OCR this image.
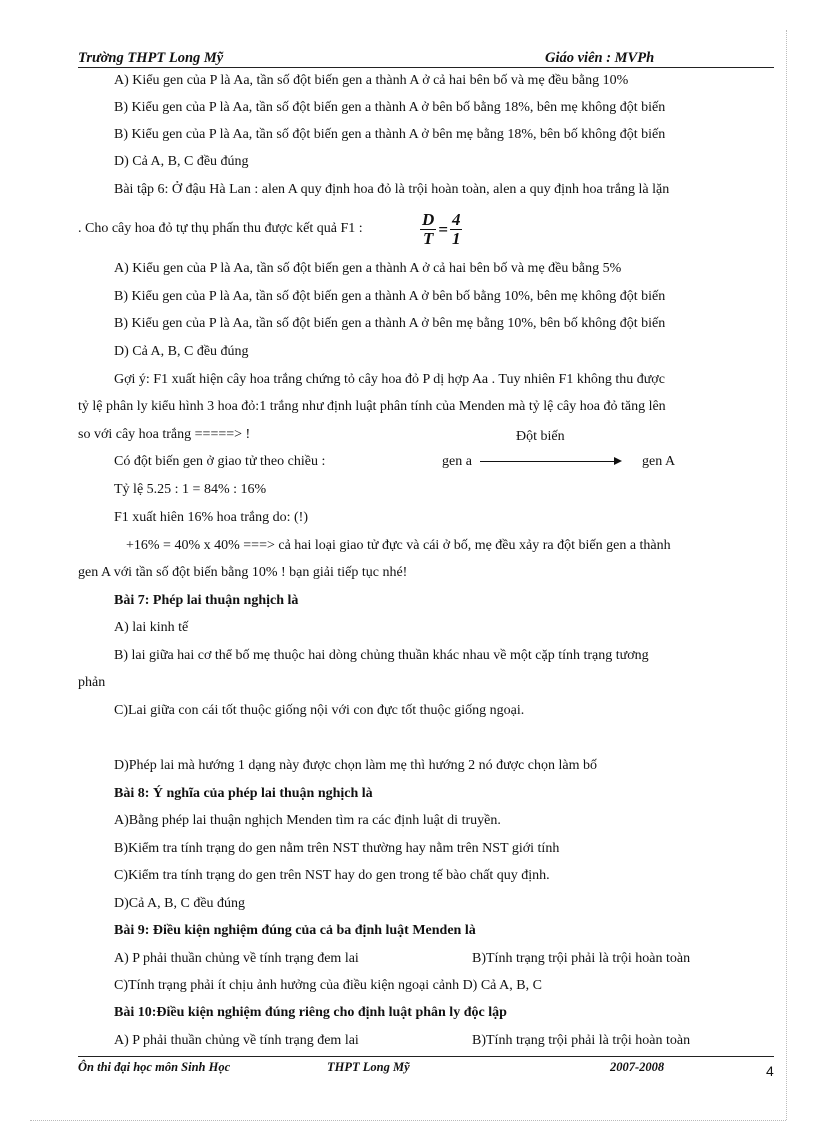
Trường THPT Long Mỹ	Giáo viên : MVPh
A) Kiểu gen của P là Aa, tần số đột biến gen a thành A ở cả hai bên bố và mẹ đều bằng 10%
B) Kiểu gen của P là Aa, tần số đột biến gen a thành A ở bên bố bằng 18%, bên mẹ không đột biến
B) Kiểu gen của P là Aa, tần số đột biến gen a thành A ở bên mẹ bằng 18%, bên bố không đột biến
D) Cả A, B, C đều đúng
Bài tập 6: Ở đậu Hà Lan : alen A quy định hoa đỏ là trội hoàn toàn, alen a quy định hoa trắng là lặn
. Cho cây hoa đỏ tự thụ phấn thu được kết quả F1 :	$\frac{D}{T} = \frac{4}{1}$
A) Kiểu gen của P là Aa, tần số đột biến gen a thành A ở cả hai bên bố và mẹ đều bằng 5%
B) Kiểu gen của P là Aa, tần số đột biến gen a thành A ở bên bố bằng 10%, bên mẹ không đột biến
B) Kiểu gen của P là Aa, tần số đột biến gen a thành A ở bên mẹ bằng 10%, bên bố không đột biến
D) Cả A, B, C đều đúng
Gợi ý: F1 xuất hiện cây hoa trắng chứng tỏ cây hoa đỏ P dị hợp Aa . Tuy nhiên F1 không thu được
tỷ lệ phân ly kiểu hình 3 hoa đỏ:1 trắng như định luật phân tính của Menden mà tỷ lệ cây hoa đỏ tăng lên
so với cây hoa trắng =====> !	Đột biến
Có đột biến gen ở giao tử theo chiều :	gen a	gen A
Tỷ lệ 5.25 : 1 = 84% : 16%
F1 xuất hiên 16% hoa trắng do: (!)
+16% = 40% x 40% ===> cả hai loại giao tử đực và cái ở bố, mẹ đều xảy ra đột biến gen a thành
gen A với tần số đột biến bằng 10% ! bạn giải tiếp tục nhé!
Bài 7: Phép lai thuận nghịch là
A) lai kinh tế
B) lai giữa hai cơ thể bố mẹ thuộc hai dòng chủng thuần khác nhau về một cặp tính trạng tương
phản
C)Lai giữa con cái tốt thuộc giống nội với con đực tốt thuộc giống ngoại.
D)Phép lai mà hướng 1 dạng này được chọn làm mẹ thì hướng 2 nó được chọn làm bố
Bài 8: Ý nghĩa của phép lai thuận nghịch là
A)Bằng phép lai thuận nghịch Menden tìm ra các định luật di truyền.
B)Kiểm tra tính trạng do gen nằm trên NST thường hay nằm trên NST giới tính
C)Kiểm tra tính trạng do gen trên NST hay do gen trong tế bào chất quy định.
D)Cả A, B, C đều đúng
Bài 9: Điều kiện nghiệm đúng của cả ba định luật Menden là
A) P phải thuần chủng về tính trạng đem lai	B)Tính trạng trội phải là trội hoàn toàn
C)Tính trạng phải ít chịu ảnh hưởng của điều kiện ngoại cảnh D) Cả A, B, C
Bài 10:Điều kiện nghiệm đúng riêng cho định luật phân ly độc lập
A) P phải thuần chủng về tính trạng đem lai	B)Tính trạng trội phải là trội hoàn toàn
Ôn thi đại học môn Sinh Học	THPT Long Mỹ	2007-2008	4
